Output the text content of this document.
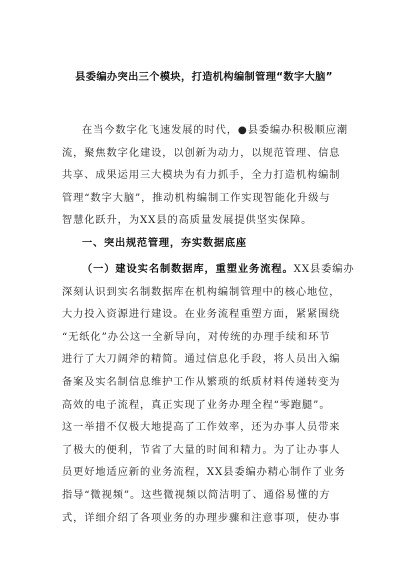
县委编办突出三个模块，打造机构编制管理“数字大脑”
在当今数字化飞速发展的时代，●县委编办积极顺应潮
流，聚焦数字化建设，以创新为动力，以规范管理、信息
共享、成果运用三大模块为有力抓手，全力打造机构编制
管理“数字大脑”，推动机构编制工作实现智能化升级与
智慧化跃升，为XX县的高质量发展提供坚实保障。
一、突出规范管理，夯实数据底座
（一）建设实名制数据库，重塑业务流程。XX县委编办
深刻认识到实名制数据库在机构编制管理中的核心地位，
大力投入资源进行建设。在业务流程重塑方面，紧紧围绕
“无纸化”办公这一全新导向，对传统的办理手续和环节
进行了大刀阔斧的精简。通过信息化手段，将人员出入编
备案及实名制信息维护工作从繁琐的纸质材料传递转变为
高效的电子流程，真正实现了业务办理全程“零跑腿”。
这一举措不仅极大地提高了工作效率，还为办事人员带来
了极大的便利，节省了大量的时间和精力。为了让办事人
员更好地适应新的业务流程，XX县委编办精心制作了业务
指导“微视频”。这些微视频以简洁明了、通俗易懂的方
式，详细介绍了各项业务的办理步骤和注意事项，使办事
